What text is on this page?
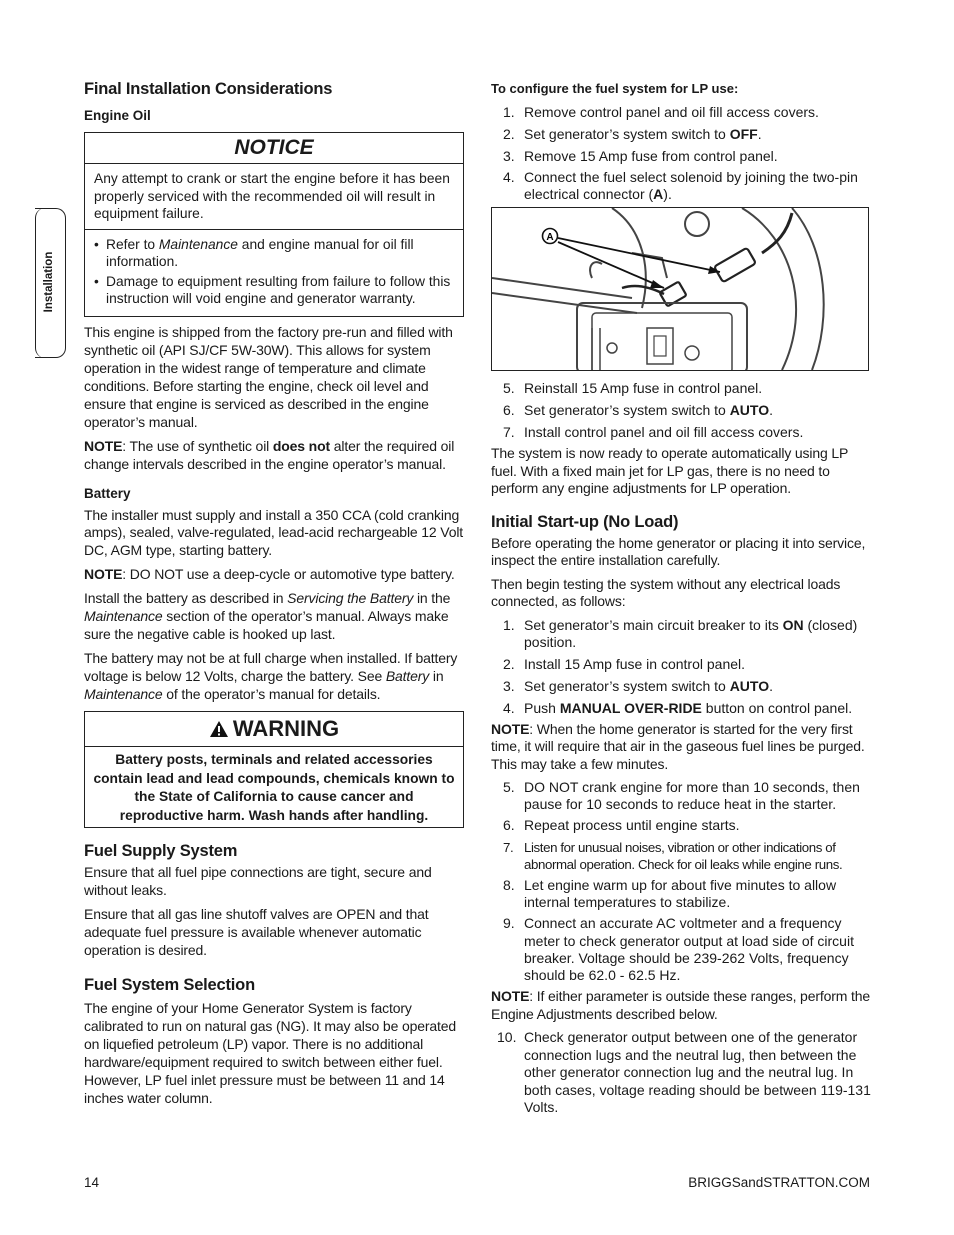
Installation
Final Installation Considerations
Engine Oil
NOTICE
Any attempt to crank or start the engine before it has been properly serviced with the recommended oil will result in equipment failure.
• Refer to Maintenance and engine manual for oil fill information.
• Damage to equipment resulting from failure to follow this instruction will void engine and generator warranty.

This engine is shipped from the factory pre-run and filled with synthetic oil (API SJ/CF 5W-30W). This allows for system operation in the widest range of temperature and climate conditions. Before starting the engine, check oil level and ensure that engine is serviced as described in the engine operator’s manual.

NOTE: The use of synthetic oil does not alter the required oil change intervals described in the engine operator’s manual.

Battery

The installer must supply and install a 350 CCA (cold cranking amps), sealed, valve-regulated, lead-acid rechargeable 12 Volt DC, AGM type, starting battery.

NOTE: DO NOT use a deep-cycle or automotive type battery.

Install the battery as described in Servicing the Battery in the Maintenance section of the operator’s manual. Always make sure the negative cable is hooked up last.

The battery may not be at full charge when installed. If battery voltage is below 12 Volts, charge the battery. See Battery in Maintenance of the operator’s manual for details.

WARNING
Battery posts, terminals and related accessories contain lead and lead compounds, chemicals known to the State of California to cause cancer and reproductive harm. Wash hands after handling.
Fuel Supply System

Ensure that all fuel pipe connections are tight, secure and without leaks.

Ensure that all gas line shutoff valves are OPEN and that adequate fuel pressure is available whenever automatic operation is desired.

Fuel System Selection

The engine of your Home Generator System is factory calibrated to run on natural gas (NG). It may also be operated on liquefied petroleum (LP) vapor. There is no additional hardware/equipment required to switch between either fuel. However, LP fuel inlet pressure must be between 11 and 14 inches water column.

To configure the fuel system for LP use:
1. Remove control panel and oil fill access covers.
2. Set generator’s system switch to OFF.
3. Remove 15 Amp fuse from control panel.
4. Connect the fuel select solenoid by joining the two-pin electrical connector (A).
A
5. Reinstall 15 Amp fuse in control panel.
6. Set generator’s system switch to AUTO.
7. Install control panel and oil fill access covers.

The system is now ready to operate automatically using LP fuel. With a fixed main jet for LP gas, there is no need to perform any engine adjustments for LP operation.

Initial Start-up (No Load)

Before operating the home generator or placing it into service, inspect the entire installation carefully.

Then begin testing the system without any electrical loads connected, as follows:

1. Set generator’s main circuit breaker to its ON (closed) position.
2. Install 15 Amp fuse in control panel.
3. Set generator’s system switch to AUTO.
4. Push MANUAL OVER-RIDE button on control panel.

NOTE: When the home generator is started for the very first time, it will require that air in the gaseous fuel lines be purged. This may take a few minutes.

5. DO NOT crank engine for more than 10 seconds, then pause for 10 seconds to reduce heat in the starter.
6. Repeat process until engine starts.
7. Listen for unusual noises, vibration or other indications of abnormal operation. Check for oil leaks while engine runs.
8. Let engine warm up for about five minutes to allow internal temperatures to stabilize.
9. Connect an accurate AC voltmeter and a frequency meter to check generator output at load side of circuit breaker. Voltage should be 239-262 Volts, frequency should be 62.0 - 62.5 Hz.

NOTE: If either parameter is outside these ranges, perform the Engine Adjustments described below.

10. Check generator output between one of the generator connection lugs and the neutral lug, then between the other generator connection lug and the neutral lug. In both cases, voltage reading should be between 119-131 Volts.
14	BRIGGSandSTRATTON.COM
